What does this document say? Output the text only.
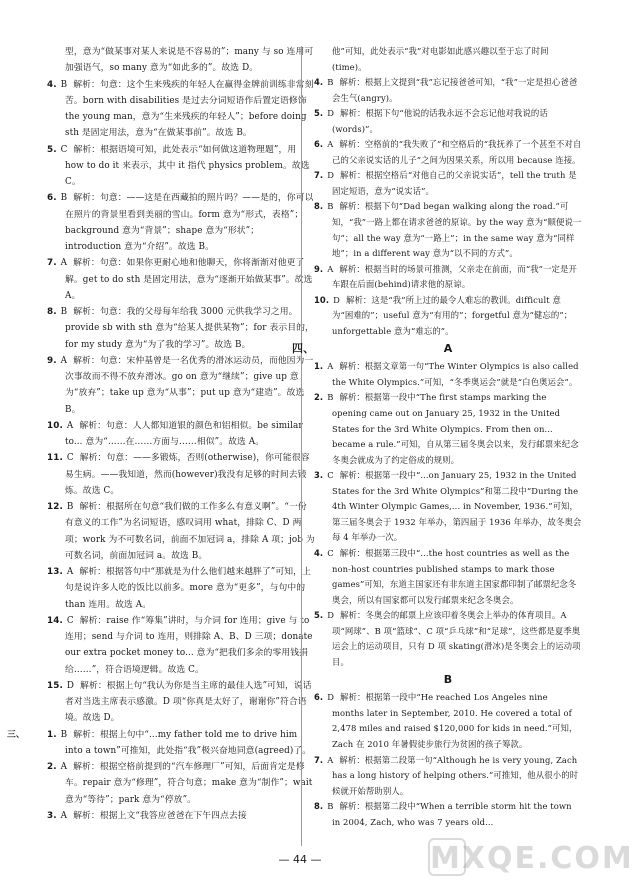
型，意为“做某事对某人来说是不容易的”；many 与 so 连用可加强语气，so many 意为“如此多的”。故选 D。

4. B 解析：句意：这个生来残疾的年轻人在赢得金牌前训练非常刻苦。born with disabilities 是过去分词短语作后置定语修饰 the young man，意为“生来残疾的年轻人”；before doing sth 是固定用法，意为“在做某事前”。故选 B。

5. C 解析：根据语境可知，此处表示“如何做这道物理题”，用 how to do it 来表示，其中 it 指代 physics problem。故选 C。

6. B 解析：句意：——这是在西藏拍的照片吗？——是的，你可以在照片的背景里看到美丽的雪山。form 意为“形式，表格”；background 意为“背景”；shape 意为“形状”；introduction 意为“介绍”。故选 B。

7. A 解析：句意：如果你更耐心地和他聊天，你将渐渐对他更了解。get to do sth 是固定用法，意为“逐渐开始做某事”。故选 A。

8. B 解析：句意：我的父母每年给我 3000 元供我学习之用。provide sb with sth 意为“给某人提供某物”；for 表示目的，for my study 意为“为了我的学习”。故选 B。

9. A 解析：句意：宋仲基曾是一名优秀的滑冰运动员，而他因为一次事故而不得不放弃滑冰。go on 意为“继续”；give up 意为“放弃”；take up 意为“从事”；put up 意为“建造”。故选 B。

10. A 解析：句意：人人都知道银的颜色和铝相似。be similar to... 意为“……在……方面与……相似”。故选 A。

11. C 解析：句意：——多锻炼，否则(otherwise)，你可能很容易生病。——我知道，然而(however)我没有足够的时间去锻炼。故选 C。

12. B 解析：根据所在句意“我们做的工作多么有意义啊”。“一份有意义的工作”为名词短语，感叹词用 what，排除 C、D 两项；work 为不可数名词，前面不加冠词 a，排除 A 项；job 为可数名词，前面加冠词 a。故选 B。

13. A 解析：根据答句中“那就是为什么他们越来越胖了”可知，上句是说许多人吃的饭比以前多。more 意为“更多”，与句中的 than 连用。故选 A。

14. C 解析：raise 作“筹集”讲时，与介词 for 连用；give 与 to 连用；send 与介词 to 连用，则排除 A、B、D 三项；donate our extra pocket money to... 意为“把我们多余的零用钱捐给……”，符合语境逻辑。故选 C。

15. D 解析：根据上句“我认为你是当主席的最佳人选”可知，说话者对当选主席表示感激。D 项“你真是太好了，谢谢你”符合语境。故选 D。

三、	1. B 解析：根据上句中“...my father told me to drive him into a town”可推知，此处指“我”极兴奋地同意(agreed)了。

2. A 解析：根据空格前提到的“汽车修理厂”可知，后面肯定是修车。repair 意为“修理”，符合句意；make 意为“制作”；wait 意为“等待”；park 意为“停放”。

3. A 解析：根据上文“我答应爸爸在下午四点去接

他”可知，此处表示“我”对电影如此感兴趣以至于忘了时间(time)。

4. B 解析：根据上文提到“我”忘记接爸爸可知，“我”一定是担心爸爸会生气(angry)。

5. D 解析：根据下句“他说的话我永远不会忘记他对我说的话(words)”。

6. A 解析：空格前的“我失败了”和空格后的“我抚养了一个甚至不对自己的父亲说实话的儿子”之间为因果关系，所以用 because 连接。

7. D 解析：根据空格后“对他自己的父亲说实话”，tell the truth 是固定短语，意为“说实话”。

8. B 解析：根据下句“Dad began walking along the road.”可知，“我”一路上都在请求爸爸的原谅。by the way 意为“顺便说一句”；all the way 意为“一路上”；in the same way 意为“同样地”；in a different way 意为“以不同的方式”。

9. A 解析：根据当时的场景可推测，父亲走在前面，而“我”一定是开车跟在后面(behind)请求他的原谅。

10. D 解析：这是“我”所上过的最令人难忘的教训。difficult 意为“困难的”；useful 意为“有用的”；forgetful 意为“健忘的”；unforgettable 意为“难忘的”。

四、	A

1. A 解析：根据文章第一句“The Winter Olympics is also called the White Olympics.”可知，“冬季奥运会”就是“白色奥运会”。

2. B 解析：根据第一段中“The first stamps marking the opening came out on January 25, 1932 in the United States for the 3rd White Olympics. From then on... became a rule.”可知，自从第三届冬奥会以来，发行邮票来纪念冬奥会就成为了约定俗成的规则。

3. C 解析：根据第一段中“...on January 25, 1932 in the United States for the 3rd White Olympics”和第二段中“During the 4th Winter Olympic Games,... in November, 1936.”可知，第三届冬奥会于 1932 年举办，第四届于 1936 年举办，故冬奥会每 4 年举办一次。

4. C 解析：根据第三段中“...the host countries as well as the non-host countries published stamps to mark those games”可知，东道主国家还有非东道主国家都印制了邮票纪念冬奥会，所以有国家都可以发行邮票来纪念冬奥会。

5. D 解析：冬奥会的邮票上应该印着冬奥会上举办的体育项目。A 项“网球”、B 项“篮球”、C 项“乒乓球”和“足球”，这些都是夏季奥运会上的运动项目，只有 D 项 skating(滑冰)是冬奥会上的运动项目。

B

6. D 解析：根据第一段中“He reached Los Angeles nine months later in September, 2010. He covered a total of 2,478 miles and raised $120,000 for kids in need.”可知，Zach 在 2010 年暑假徒步旅行为贫困的孩子筹款。

7. A 解析：根据第二段第一句“Although he is very young, Zach has a long history of helping others.”可推知，他从很小的时候就开始帮助别人。

8. B 解析：根据第二段中“When a terrible storm hit the town in 2004, Zach, who was 7 years old...

— 44 —	MXQE.COM
